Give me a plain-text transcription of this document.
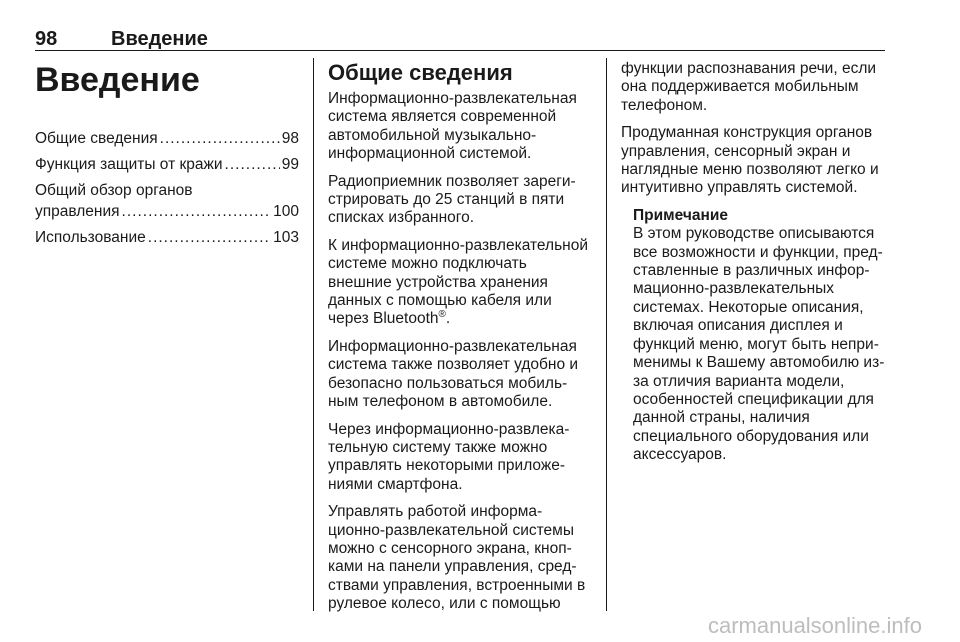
98	Введение
Введение
Общие сведения .....	98
Функция защиты от кражи .....	99
Общий обзор органов
управления .....	100
Использование .....	103
Общие сведения

Информационно-развлекательная система является современной автомобильной музыкально-информационной системой.

Радиоприемник позволяет зарегистрировать до 25 станций в пяти списках избранного.

К информационно-развлекательной системе можно подключать внешние устройства хранения данных с помощью кабеля или через Bluetooth®.

Информационно-развлекательная система также позволяет удобно и безопасно пользоваться мобильным телефоном в автомобиле.

Через информационно-развлекательную систему также можно управлять некоторыми приложениями смартфона.

Управлять работой информационно-развлекательной системы можно с сенсорного экрана, кнопками на панели управления, средствами управления, встроенными в рулевое колесо, или с помощью

функции распознавания речи, если она поддерживается мобильным телефоном.

Продуманная конструкция органов управления, сенсорный экран и наглядные меню позволяют легко и интуитивно управлять системой.

Примечание

В этом руководстве описываются все возможности и функции, представленные в различных информационно-развлекательных системах. Некоторые описания, включая описания дисплея и функций меню, могут быть неприменимы к Вашему автомобилю из-за отличия варианта модели, особенностей спецификации для данной страны, наличия специального оборудования или аксессуаров.

carmanualsonline.info
